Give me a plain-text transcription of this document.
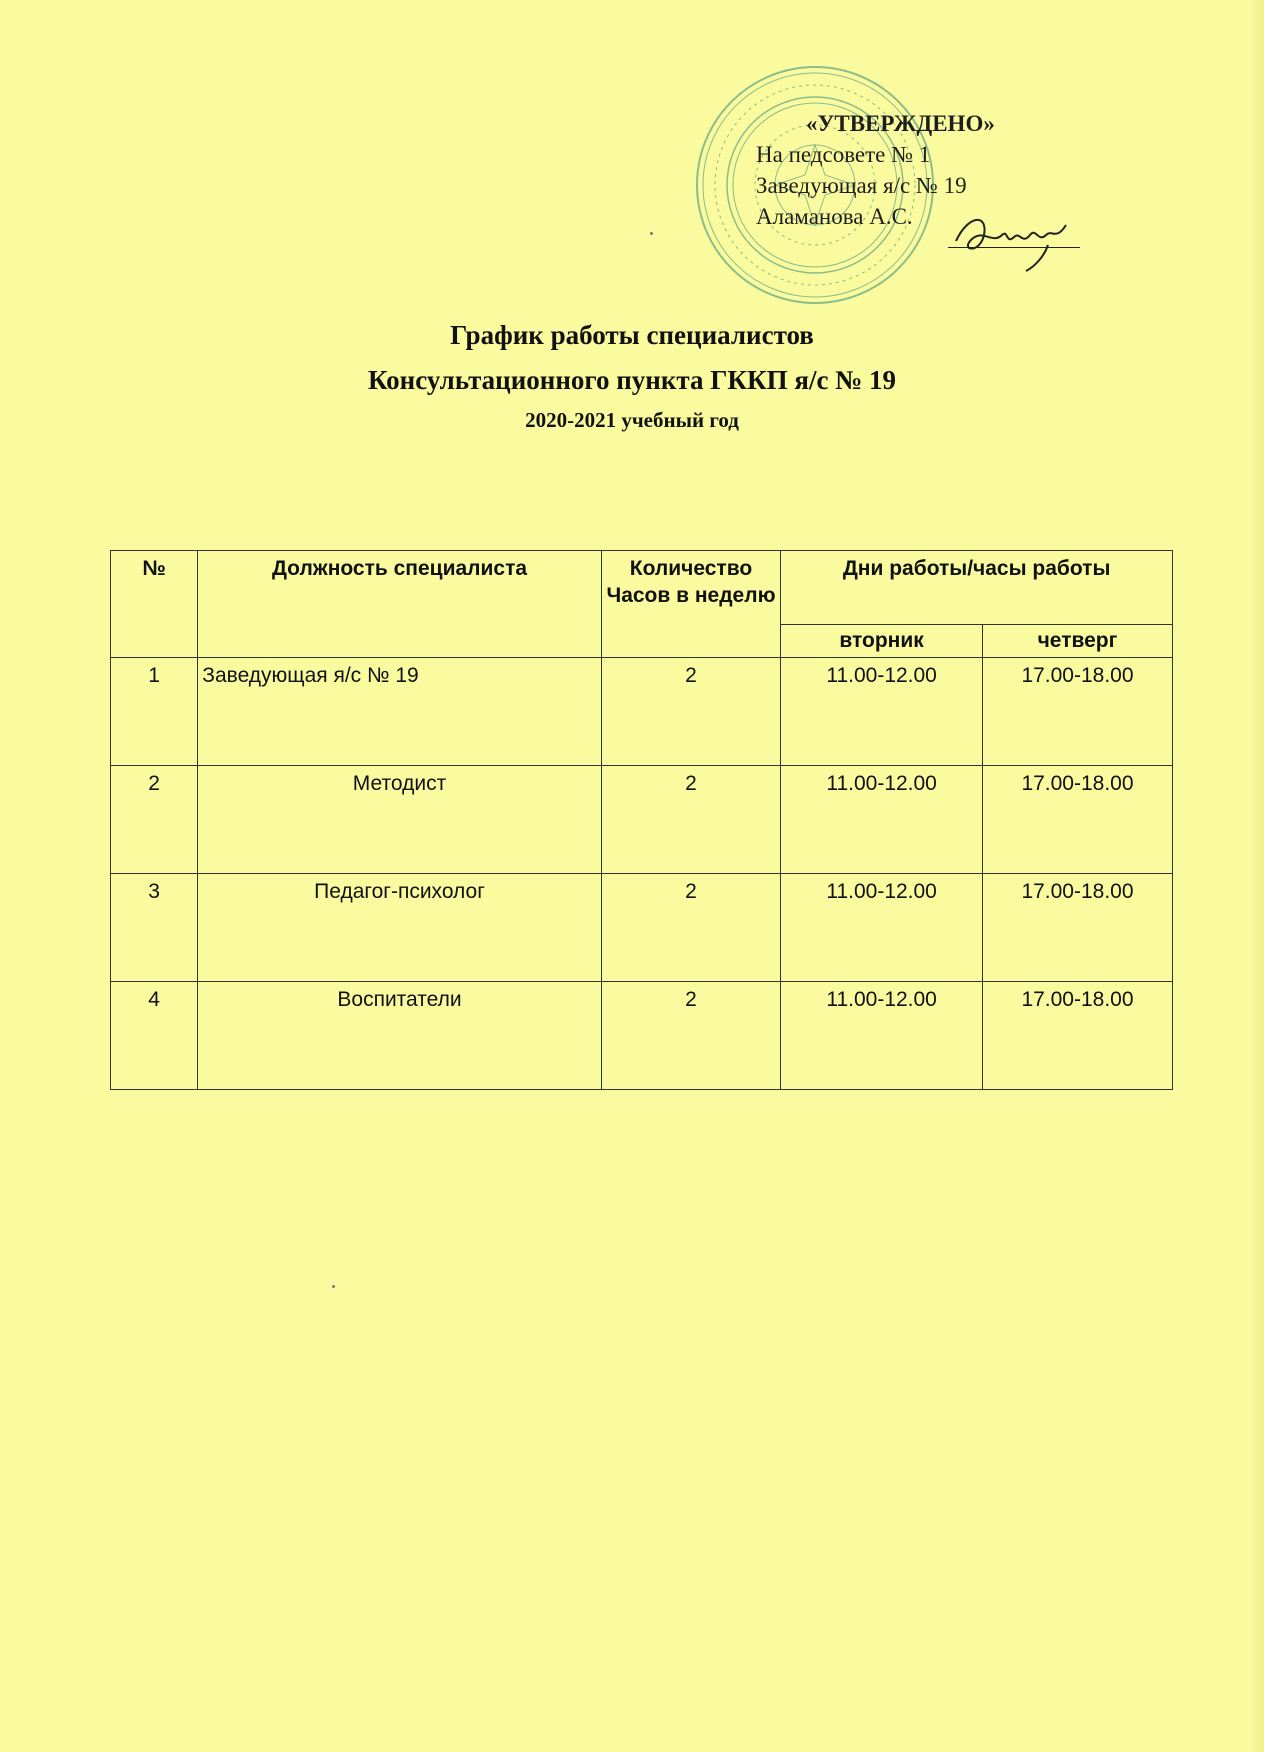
«УТВЕРЖДЕНО»
На педсовете № 1
Заведующая я/с № 19
Аламанова А.С.
График работы специалистов
Консультационного пункта ГККП я/с № 19
2020-2021 учебный год
№	Должность специалиста	Количество Часов в неделю	Дни работы/часы работы	
			вторник	четверг
1	Заведующая я/с № 19	2	11.00-12.00	17.00-18.00
2	Методист	2	11.00-12.00	17.00-18.00
3	Педагог-психолог	2	11.00-12.00	17.00-18.00
4	Воспитатели	2	11.00-12.00	17.00-18.00
